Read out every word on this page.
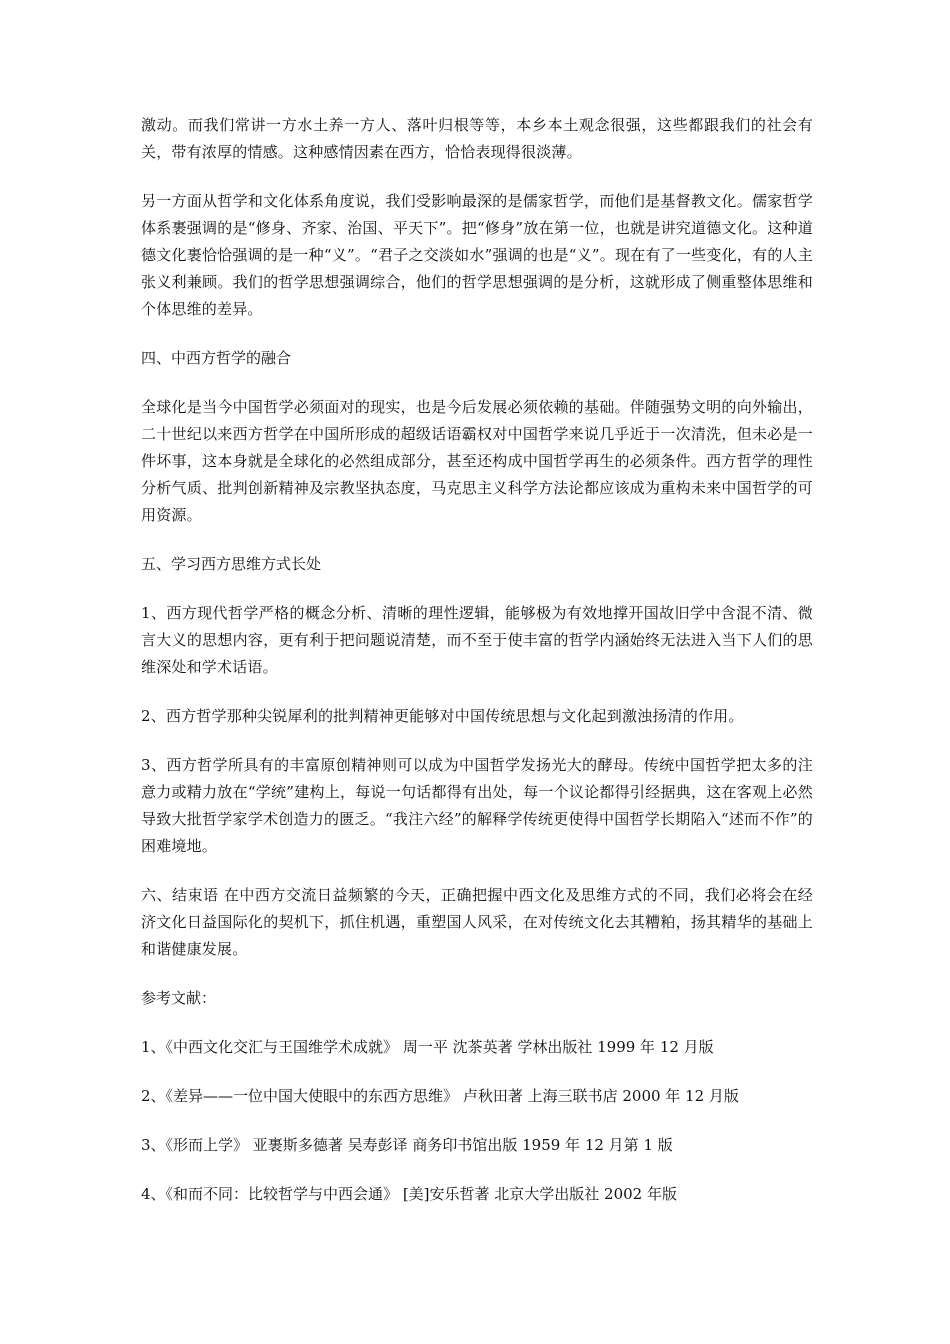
激动。而我们常讲一方水土养一方人、落叶归根等等，本乡本土观念很强，这些都跟我们的社会有关，带有浓厚的情感。这种感情因素在西方，恰恰表现得很淡薄。

另一方面从哲学和文化体系角度说，我们受影响最深的是儒家哲学，而他们是基督教文化。儒家哲学体系裹强调的是“修身、齐家、治国、平天下”。把“修身”放在第一位，也就是讲究道德文化。这种道德文化裹恰恰强调的是一种“义”。“君子之交淡如水”强调的也是“义”。现在有了一些变化，有的人主张义利兼顾。我们的哲学思想强调综合，他们的哲学思想强调的是分析，这就形成了侧重整体思维和个体思维的差异。

四、中西方哲学的融合

全球化是当今中国哲学必须面对的现实，也是今后发展必须依赖的基础。伴随强势文明的向外输出，二十世纪以来西方哲学在中国所形成的超级话语霸权对中国哲学来说几乎近于一次清洗，但未必是一件坏事，这本身就是全球化的必然组成部分，甚至还构成中国哲学再生的必须条件。西方哲学的理性分析气质、批判创新精神及宗教坚执态度，马克思主义科学方法论都应该成为重构未来中国哲学的可用资源。

五、学习西方思维方式长处

1、西方现代哲学严格的概念分析、清晰的理性逻辑，能够极为有效地撑开国故旧学中含混不清、微言大义的思想内容，更有利于把问题说清楚，而不至于使丰富的哲学内涵始终无法进入当下人们的思维深处和学术话语。

2、西方哲学那种尖锐犀利的批判精神更能够对中国传统思想与文化起到激浊扬清的作用。

3、西方哲学所具有的丰富原创精神则可以成为中国哲学发扬光大的酵母。传统中国哲学把太多的注意力或精力放在“学统”建构上，每说一句话都得有出处，每一个议论都得引经据典，这在客观上必然导致大批哲学家学术创造力的匮乏。“我注六经”的解释学传统更使得中国哲学长期陷入“述而不作”的困难境地。

六、结束语 在中西方交流日益频繁的今天，正确把握中西文化及思维方式的不同，我们必将会在经济文化日益国际化的契机下，抓住机遇，重塑国人风采，在对传统文化去其糟粕，扬其精华的基础上和谐健康发展。

参考文献：

1、《中西文化交汇与王国维学术成就》 周一平 沈茶英著 学林出版社 1999 年 12 月版
2、《差异——一位中国大使眼中的东西方思维》 卢秋田著 上海三联书店 2000 年 12 月版
3、《形而上学》 亚裹斯多德著 吴寿彭译 商务印书馆出版 1959 年 12 月第 1 版
4、《和而不同：比较哲学与中西会通》 [美]安乐哲著 北京大学出版社 2002 年版
